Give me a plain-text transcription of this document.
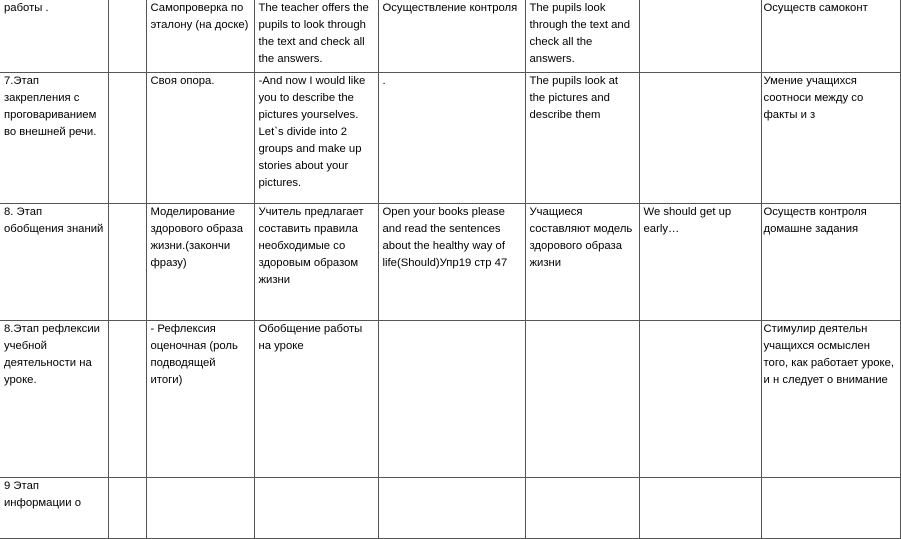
работы .		Самопроверка по эталону (на доске)	The teacher offers the pupils to look through the text and check all the answers.	Осуществление контроля	The pupils look through the text and check all the answers.		Осуществ самоконт
7.Этап закрепления с проговариванием во внешней речи.		Своя опора.	-And now I would like you to describe the pictures yourselves. Let`s divide into 2 groups and make up stories about your pictures.	.	The pupils look at the pictures and describe them		Умение учащихся соотноси между со факты и з
8. Этап обобщения знаний		Моделирование здорового образа жизни.(закончи фразу)	Учитель предлагает составить правила необходимые со здоровым образом жизни	Open your books please and read the sentences about the healthy way of life(Should)Упр19 стр 47	Учащиеся составляют модель здорового образа жизни	We should get up early…	Осуществ контроля домашне задания
8.Этап рефлексии учебной деятельности на уроке.		- Рефлексия оценочная (роль подводящей итоги)	Обобщение работы на уроке				Стимулир деятельн учащихся осмыслен того, как работает уроке, и н следует о внимание
9 Этап информации о							
